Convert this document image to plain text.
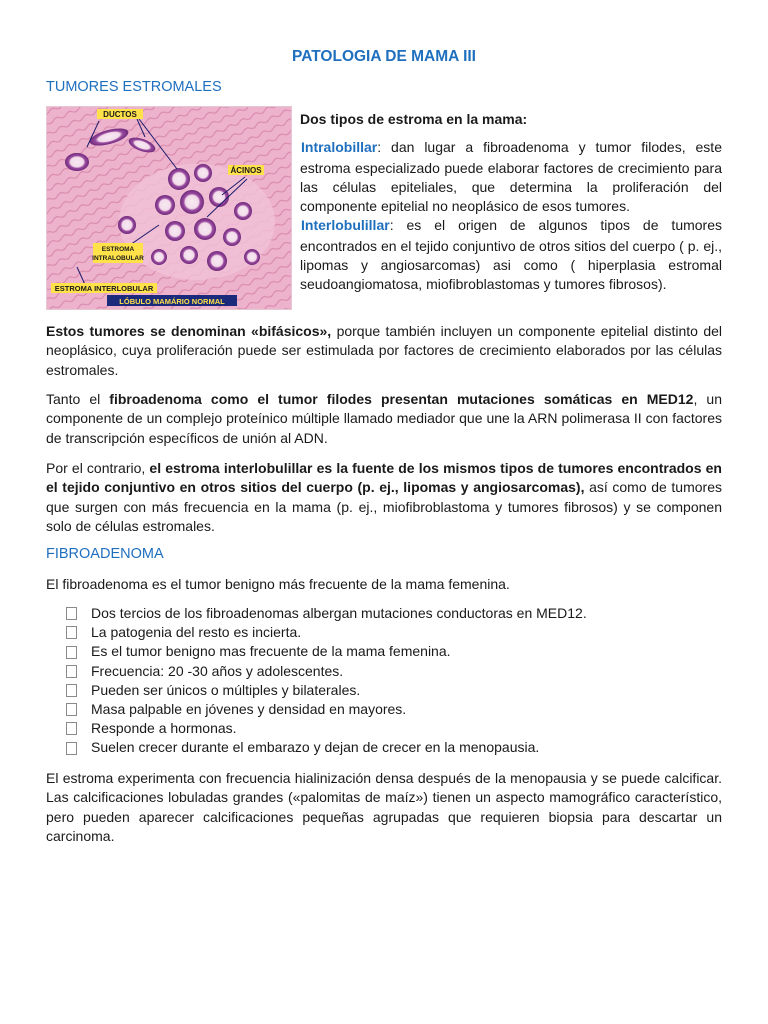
PATOLOGIA DE MAMA III
TUMORES ESTROMALES
DUCTOS
ÁCINOS
ESTROMA
INTRALOBULAR
ESTROMA INTERLOBULAR
LÓBULO MAMÁRIO NORMAL

Dos tipos de estroma en la mama:

Intralobillar: dan lugar a fibroadenoma y tumor filodes, este estroma especializado puede elaborar factores de crecimiento para las células epiteliales, que determina la proliferación del componente epitelial no neoplásico de esos tumores.

Interlobulillar: es el origen de algunos tipos de tumores encontrados en el tejido conjuntivo de otros sitios del cuerpo ( p. ej., lipomas y angiosarcomas) asi como ( hiperplasia estromal seudoangiomatosa, miofibroblastomas y tumores fibrosos).

Estos tumores se denominan «bifásicos», porque también incluyen un componente epitelial distinto del neoplásico, cuya proliferación puede ser estimulada por factores de crecimiento elaborados por las células estromales.

Tanto el fibroadenoma como el tumor filodes presentan mutaciones somáticas en MED12, un componente de un complejo proteínico múltiple llamado mediador que une la ARN polimerasa II con factores de transcripción específicos de unión al ADN.

Por el contrario, el estroma interlobulillar es la fuente de los mismos tipos de tumores encontrados en el tejido conjuntivo en otros sitios del cuerpo (p. ej., lipomas y angiosarcomas), así como de tumores que surgen con más frecuencia en la mama (p. ej., miofibroblastoma y tumores fibrosos) y se componen solo de células estromales.

FIBROADENOMA

El fibroadenoma es el tumor benigno más frecuente de la mama femenina.

Dos tercios de los fibroadenomas albergan mutaciones conductoras en MED12.
La patogenia del resto es incierta.
Es el tumor benigno mas frecuente de la mama femenina.
Frecuencia: 20 -30 años y adolescentes.
Pueden ser únicos o múltiples y bilaterales.
Masa palpable en jóvenes y densidad en mayores.
Responde a hormonas.
Suelen crecer durante el embarazo y dejan de crecer en la menopausia.

El estroma experimenta con frecuencia hialinización densa después de la menopausia y se puede calcificar. Las calcificaciones lobuladas grandes («palomitas de maíz») tienen un aspecto mamográfico característico, pero pueden aparecer calcificaciones pequeñas agrupadas que requieren biopsia para descartar un carcinoma.
